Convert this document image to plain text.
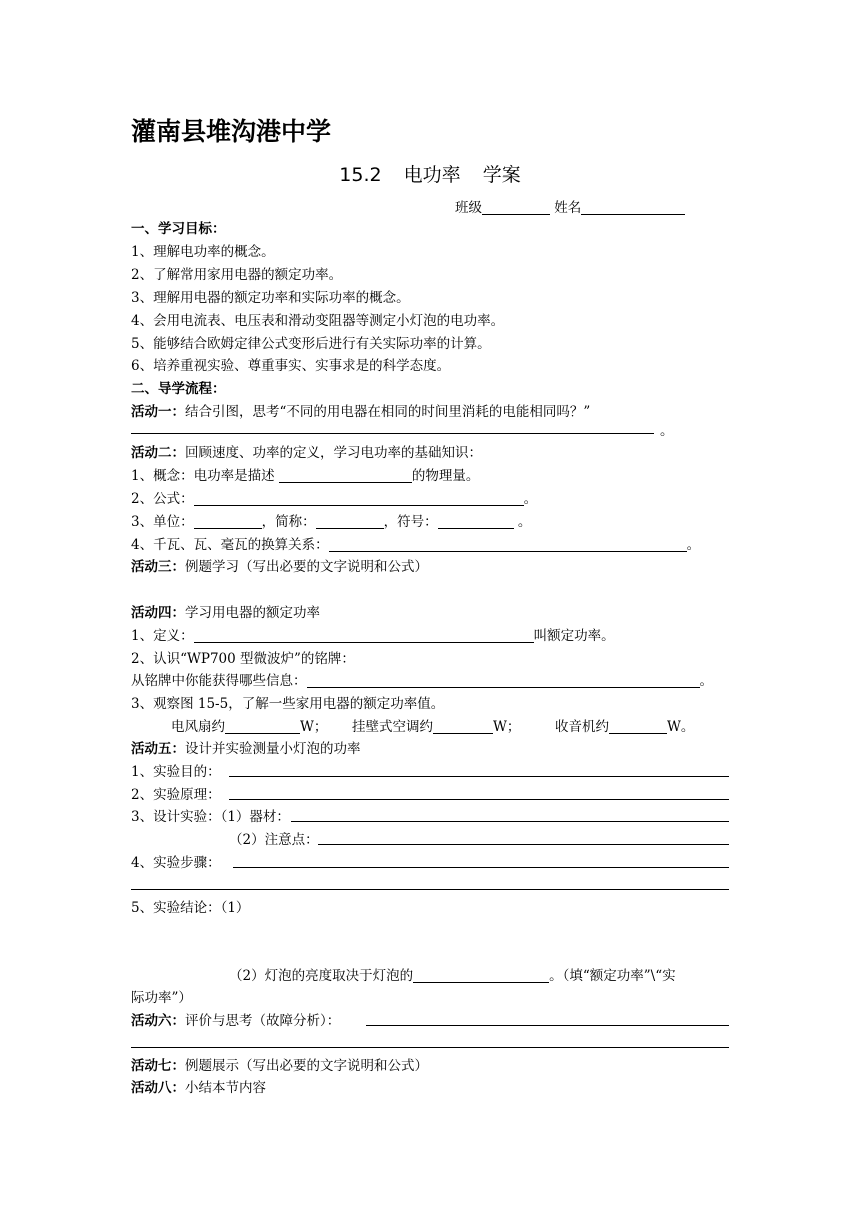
灌南县堆沟港中学
15.2 电功率 学案
班级	姓名
一、学习目标：
1、理解电功率的概念。
2、了解常用家用电器的额定功率。
3、理解用电器的额定功率和实际功率的概念。
4、会用电流表、电压表和滑动变阻器等测定小灯泡的电功率。
5、能够结合欧姆定律公式变形后进行有关实际功率的计算。
6、培养重视实验、尊重事实、实事求是的科学态度。
二、导学流程：
活动一：结合引图，思考“不同的用电器在相同的时间里消耗的电能相同吗？”
。
活动二：回顾速度、功率的定义，学习电功率的基础知识：
1、概念：电功率是描述	的物理量。
2、公式：	。
3、单位：	，简称：	，符号：	。
4、千瓦、瓦、毫瓦的换算关系：	。
活动三：例题学习（写出必要的文字说明和公式）
活动四：学习用电器的额定功率
1、定义：	叫额定功率。
2、认识“WP700 型微波炉”的铭牌：
从铭牌中你能获得哪些信息：	。
3、观察图 15-5，了解一些家用电器的额定功率值。
电风扇约	W； 挂壁式空调约	W；	收音机约	W。
活动五：设计并实验测量小灯泡的功率
1、实验目的：
2、实验原理：
3、设计实验：（1）器材：
（2）注意点：
4、实验步骤：
5、实验结论：（1）
（2）灯泡的亮度取决于灯泡的	。（填“额定功率”\“实
际功率”）
活动六：评价与思考（故障分析）：
活动七：例题展示（写出必要的文字说明和公式）
活动八：小结本节内容
